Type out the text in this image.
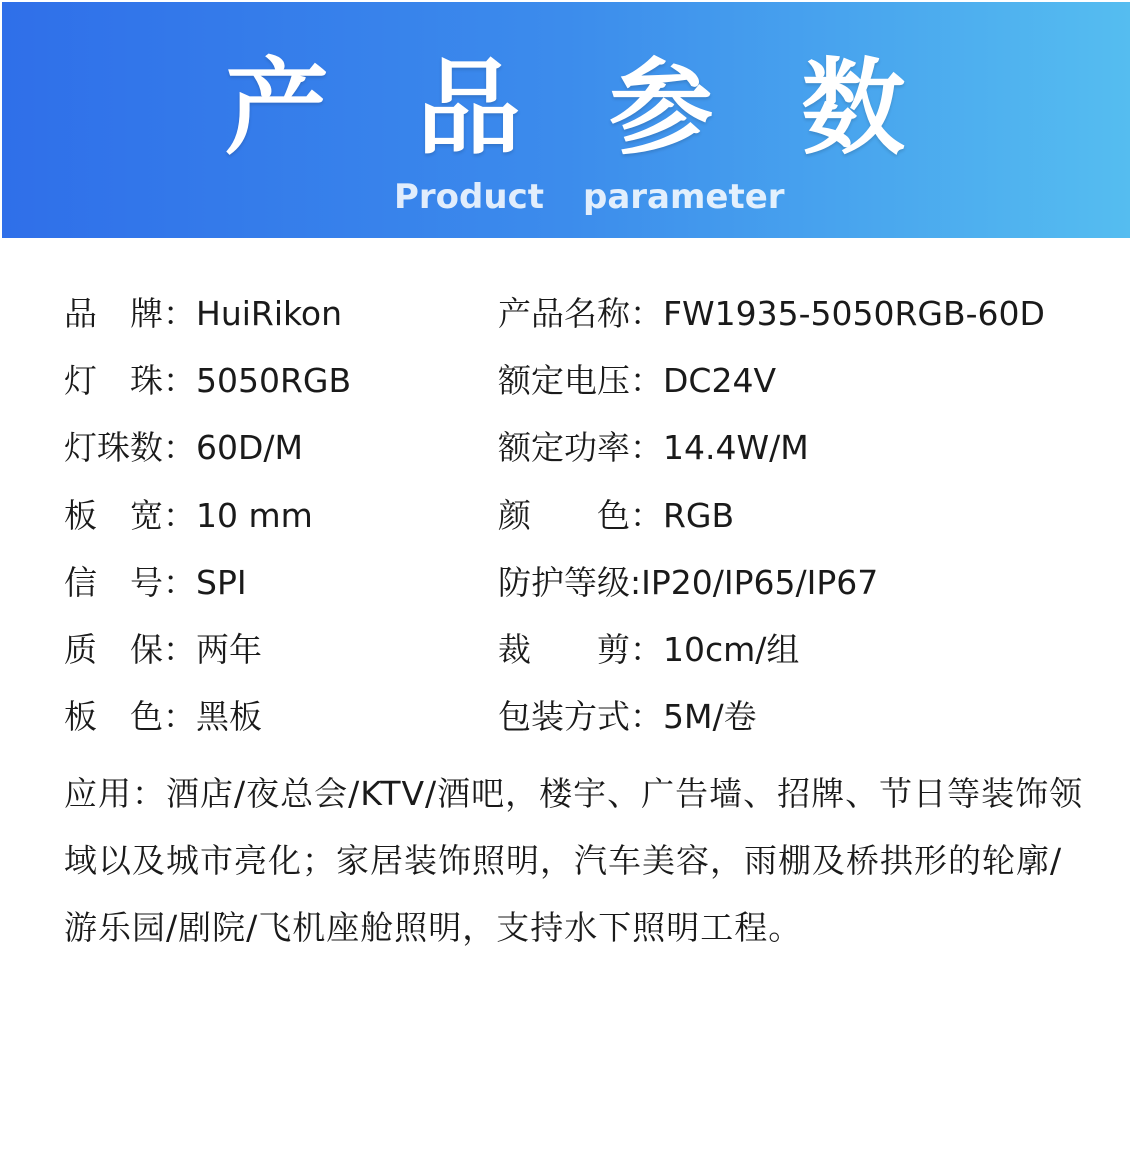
产 品 参 数
Product parameter
品　牌：HuiRikon
灯　珠：5050RGB
灯珠数：60D/M
板　宽：10 mm
信　号：SPI
质　保：两年
板　色：黑板
产品名称：FW1935-5050RGB-60D
额定电压：DC24V
额定功率：14.4W/M
颜　　色：RGB
防护等级:IP20/IP65/IP67
裁　　剪：10cm/组
包装方式：5M/卷
应用：酒店/夜总会/KTV/酒吧，楼宇、广告墙、招牌、节日等装饰领域以及城市亮化；家居装饰照明，汽车美容，雨棚及桥拱形的轮廓/游乐园/剧院/飞机座舱照明，支持水下照明工程。
